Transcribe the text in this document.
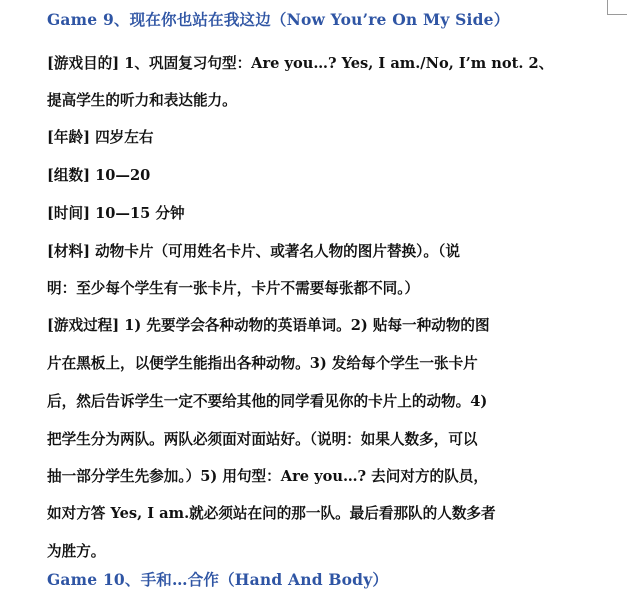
Game 9、现在你也站在我这边（Now You’re On My Side）
[游戏目的] 1、巩固复习句型：Are you…? Yes, I am./No, I’m not. 2、
提高学生的听力和表达能力。
[年龄] 四岁左右
[组数] 10—20
[时间] 10—15 分钟
[材料] 动物卡片（可用姓名卡片、或著名人物的图片替换）。（说
明：至少每个学生有一张卡片，卡片不需要每张都不同。）
[游戏过程] 1) 先要学会各种动物的英语单词。2) 贴每一种动物的图
片在黑板上，以便学生能指出各种动物。3) 发给每个学生一张卡片
后，然后告诉学生一定不要给其他的同学看见你的卡片上的动物。4)
把学生分为两队。两队必须面对面站好。（说明：如果人数多，可以
抽一部分学生先参加。）5) 用句型：Are you…? 去问对方的队员，
如对方答 Yes, I am.就必须站在问的那一队。最后看那队的人数多者
为胜方。
Game 10、手和…合作（Hand And Body）
